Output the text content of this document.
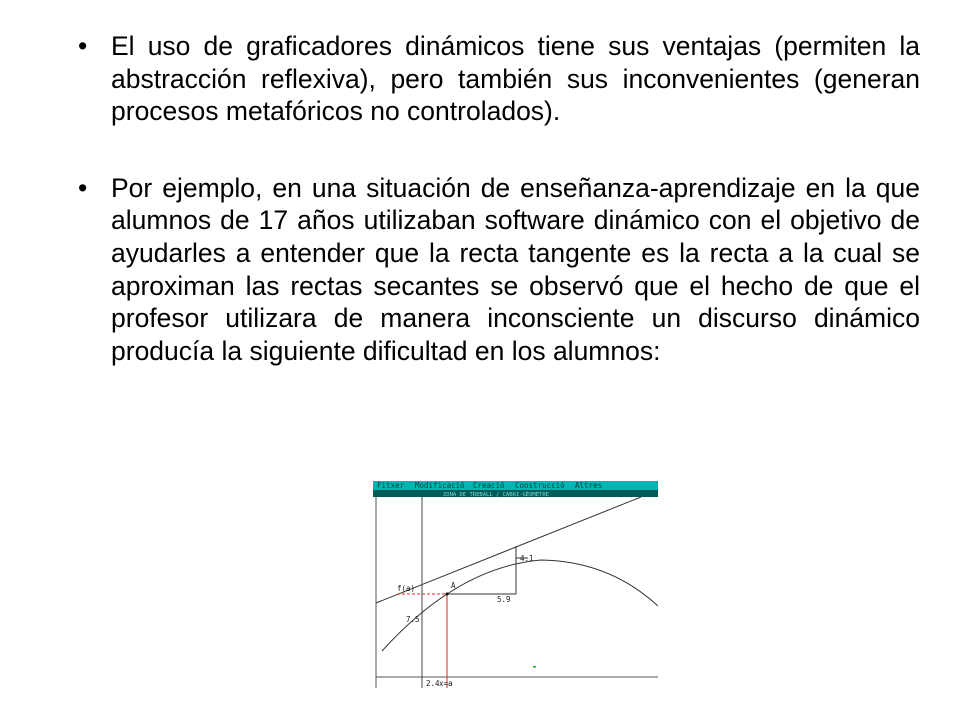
• El uso de graficadores dinámicos tiene sus ventajas (permiten la abstracción reflexiva), pero también sus inconvenientes (generan procesos metafóricos no controlados).
• Por ejemplo, en una situación de enseñanza-aprendizaje en la que alumnos de 17 años utilizaban software dinámico con el objetivo de ayudarles a entender que la recta tangente es la recta a la cual se aproximan las rectas secantes se observó que el hecho de que el profesor utilizara de manera inconsciente un discurso dinámico producía la siguiente dificultad en los alumnos:
Fitxer Modificació Creació Construcció Altres
ZONA DE TREBALL / CABRI-GÉOMÈTRE
A
f(a)
4.1
5.9
7.5
2.4 x=a
